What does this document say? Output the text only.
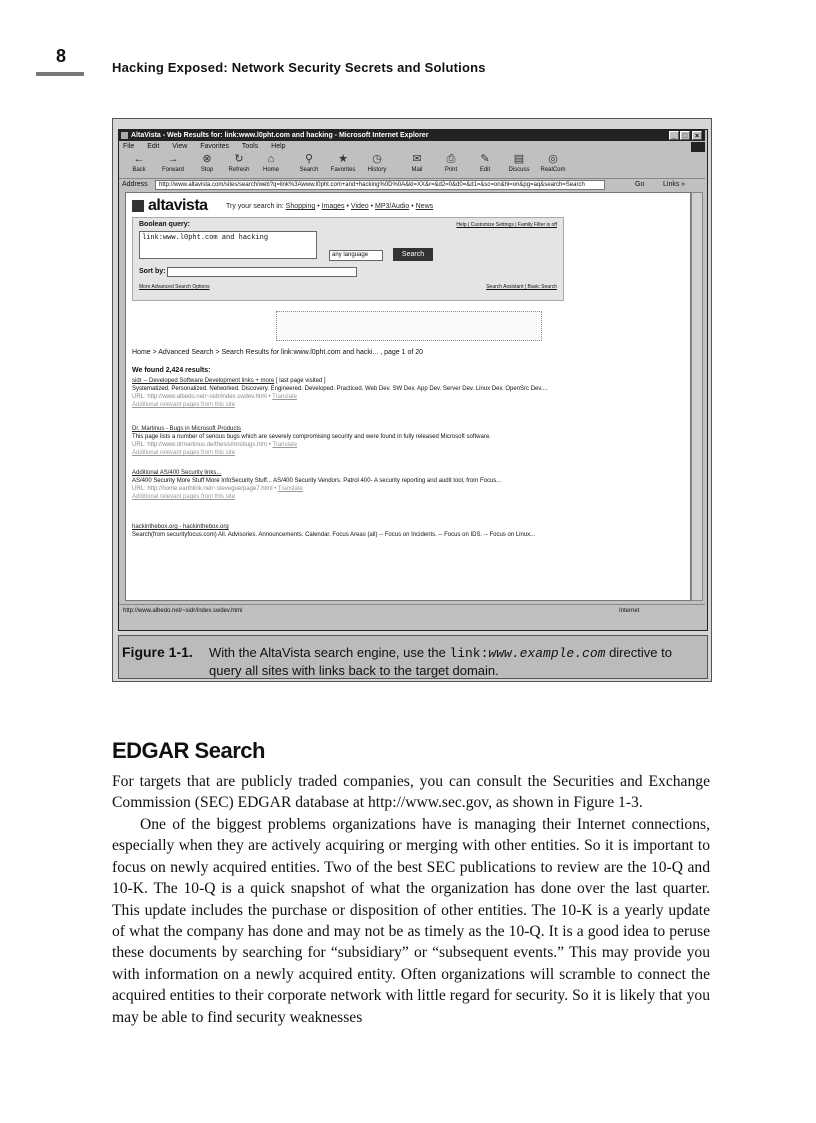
8
Hacking Exposed: Network Security Secrets and Solutions
AltaVista - Web Results for: link:www.l0pht.com and hacking - Microsoft Internet Explorer	_ □	×
File Edit View Favorites Tools Help
←
Back
→
Forward
⊗
Stop
↻
Refresh
⌂
Home
⚲
Search
★
Favorites
◷
History
✉
Mail
⎙
Print
✎
Edit
▤
Discuss
◎
RealCom
Address	http://www.altavista.com/sites/search/web?q=link%3Awww.l0pht.com+and+hacking%0D%0A&kl=XX&r=&d2=0&d0=&d1=&sc=on&hl=on&pg=aq&search=Search	Go	Links »
altavista	Try your search in: Shopping • Images • Video • MP3/Audio • News
Boolean query:	Help | Customize Settings | Family Filter is off
link:www.l0pht.com and hacking
any language	Search
Sort by:
More Advanced Search Options	Search Assistant | Basic Search
Home > Advanced Search > Search Results for link:www.l0pht.com and hacki... , page 1 of 20
We found 2,424 results:
sidr -- Developed Software Development links + more [ last page visited ]
Systematized. Personalized. Networked. Discovery. Engineered. Developed. Practiced. Web Dev. SW Dev. App Dev. Server Dev. Linux Dev. OpenSrc Dev....
URL: http://www.albedo.net/~sidr/index.swdev.html • Translate
Additional relevant pages from this site
Dr. Martinus - Bugs in Microsoft Products
This page lists a number of serious bugs which are severely compromising security and were found in fully released Microsoft software.
URL: http://www.drmartinus.de/thesis/mrsbugs.htm • Translate
Additional relevant pages from this site
Additional AS/400 Security links...
AS/400 Security More Stuff More InfoSecurity Stuff... AS/400 Security Vendors. Patrol 400- A security reporting and audit tool, from Focus...
URL: http://home.earthlink.net/~stevegue/page7.html • Translate
Additional relevant pages from this site
hackinthebox.org - hackinthebox.org
Search(from securityfocus.com) All. Advisories. Announcements. Calendar. Focus Areas (all) -- Focus on Incidents. -- Focus on IDS. -- Focus on Linux...
http://www.albedo.net/~sidr/index.swdev.html	Internet
Figure 1-1. With the AltaVista search engine, use the link:www.example.com directive to query all sites with links back to the target domain.
EDGAR Search
For targets that are publicly traded companies, you can consult the Securities and Exchange Commission (SEC) EDGAR database at http://www.sec.gov, as shown in Figure 1-3.
One of the biggest problems organizations have is managing their Internet connections, especially when they are actively acquiring or merging with other entities. So it is important to focus on newly acquired entities. Two of the best SEC publications to review are the 10-Q and 10-K. The 10-Q is a quick snapshot of what the organization has done over the last quarter. This update includes the purchase or disposition of other entities. The 10-K is a yearly update of what the company has done and may not be as timely as the 10-Q. It is a good idea to peruse these documents by searching for “subsidiary” or “subsequent events.” This may provide you with information on a newly acquired entity. Often organizations will scramble to connect the acquired entities to their corporate network with little regard for security. So it is likely that you may be able to find security weaknesses
